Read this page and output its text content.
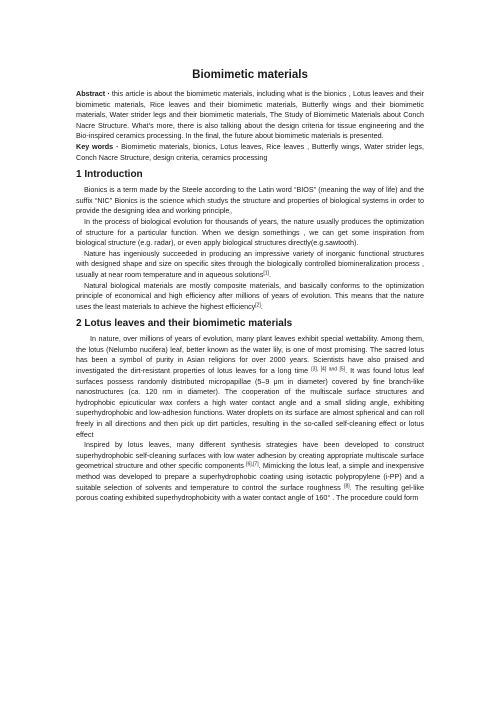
Biomimetic materials

Abstract ‧ this article is about the biomimetic materials, including what is the bionics , Lotus leaves and their biomimetic materials, Rice leaves and their biomimetic materials, Butterfly wings and their biomimetic materials, Water strider legs and their biomimetic materials, The Study of Biomimetic Materials about Conch Nacre Structure. What’s more, there is also talking about the design criteria for tissue engineering and the Bio-inspired ceramics processing. In the final, the future about biomimetic materials is presented.

Key words ‧ Biomimetic materials, bionics, Lotus leaves, Rice leaves , Butterfly wings, Water strider legs, Conch Nacre Structure, design criteria, ceramics processing

1 Introduction

Bionics is a term made by the Steele according to the Latin word “BIOS” (meaning the way of life) and the suffix “NIC” Bionics is the science which studys the structure and properties of biological systems in order to provide the designing idea and working principle。

In the process of biological evolution for thousands of years, the nature usually produces the optimization of structure for a particular function. When we design somethings , we can get some inspiration from biological structure (e.g. radar), or even apply biological structures directly(e.g.sawtooth).

Nature has ingeniously succeeded in producing an impressive variety of inorganic functional structures with designed shape and size on specific sites through the biologically controlled biomineralization process , usually at near room temperature and in aqueous solutions[1].

Natural biological materials are mostly composite materials, and basically conforms to the optimization principle of economical and high efficiency after millions of years of evolution. This means that the nature uses the least materials to achieve the highest efficiency[2].

2 Lotus leaves and their biomimetic materials

In nature, over millions of years of evolution, many plant leaves exhibit special wettability. Among them, the lotus (Nelumbo nucifera) leaf, better known as the water lily, is one of most promising. The sacred lotus has been a symbol of purity in Asian religions for over 2000 years. Scientists have also praised and investigated the dirt-resistant properties of lotus leaves for a long time [3], [4] and [5]. It was found lotus leaf surfaces possess randomly distributed micropapillae (5–9 μm in diameter) covered by fine branch-like nanostructures (ca. 120 nm in diameter). The cooperation of the multiscale surface structures and hydrophobic epicuticular wax confers a high water contact angle and a small sliding angle, exhibiting superhydrophobic and low-adhesion functions. Water droplets on its surface are almost spherical and can roll freely in all directions and then pick up dirt particles, resulting in the so-called self-cleaning effect or lotus effect

Inspired by lotus leaves, many different synthesis strategies have been developed to construct superhydrophobic self-cleaning surfaces with low water adhesion by creating appropriate multiscale surface geometrical structure and other specific components [6],[7]. Mimicking the lotus leaf, a simple and inexpensive method was developed to prepare a superhydrophobic coating using isotactic polypropylene (i-PP) and a suitable selection of solvents and temperature to control the surface roughness [8]. The resulting gel-like porous coating exhibited superhydrophobicity with a water contact angle of 160° . The procedure could form
